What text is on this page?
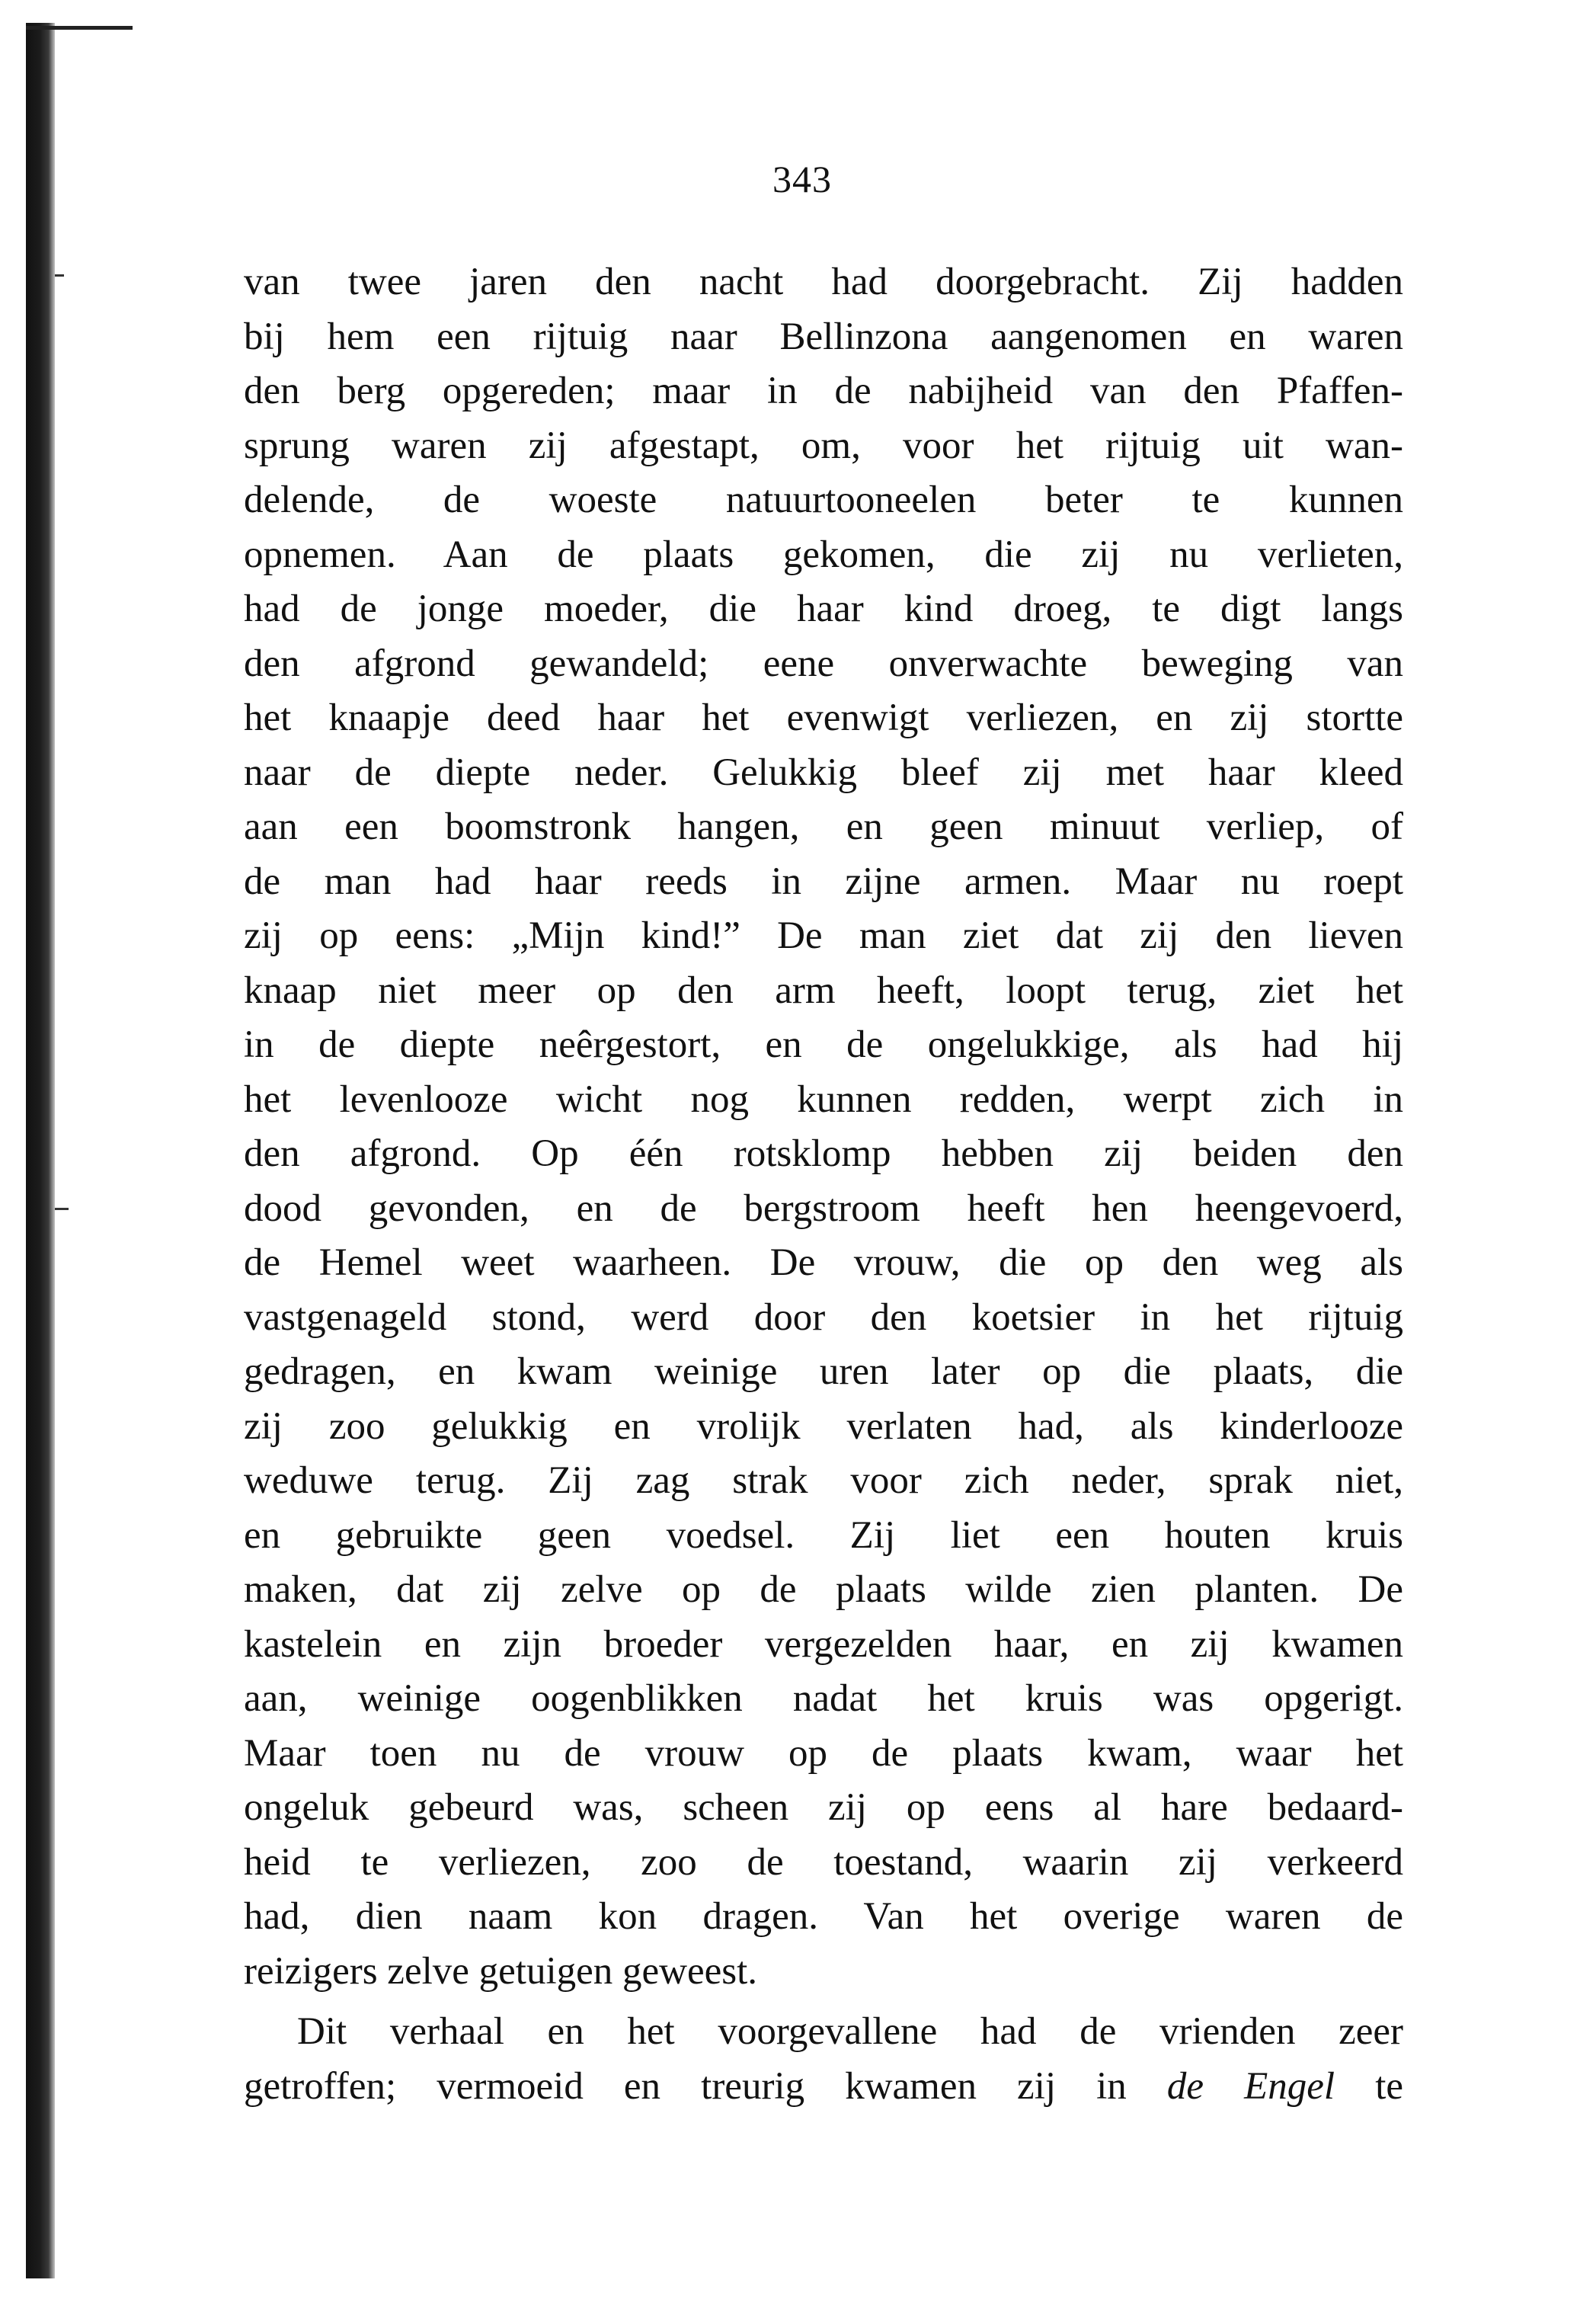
343
van twee jaren den nacht had doorgebracht. Zij hadden
bij hem een rijtuig naar Bellinzona aangenomen en waren
den berg opgereden; maar in de nabijheid van den Pfaffen-
sprung waren zij afgestapt, om, voor het rijtuig uit wan-
delende, de woeste natuurtooneelen beter te kunnen
opnemen. Aan de plaats gekomen, die zij nu verlieten,
had de jonge moeder, die haar kind droeg, te digt langs
den afgrond gewandeld; eene onverwachte beweging van
het knaapje deed haar het evenwigt verliezen, en zij stortte
naar de diepte neder. Gelukkig bleef zij met haar kleed
aan een boomstronk hangen, en geen minuut verliep, of
de man had haar reeds in zijne armen. Maar nu roept
zij op eens: „Mijn kind!” De man ziet dat zij den lieven
knaap niet meer op den arm heeft, loopt terug, ziet het
in de diepte neêrgestort, en de ongelukkige, als had hij
het levenlooze wicht nog kunnen redden, werpt zich in
den afgrond. Op één rotsklomp hebben zij beiden den
dood gevonden, en de bergstroom heeft hen heengevoerd,
de Hemel weet waarheen. De vrouw, die op den weg als
vastgenageld stond, werd door den koetsier in het rijtuig
gedragen, en kwam weinige uren later op die plaats, die
zij zoo gelukkig en vrolijk verlaten had, als kinderlooze
weduwe terug. Zij zag strak voor zich neder, sprak niet,
en gebruikte geen voedsel. Zij liet een houten kruis
maken, dat zij zelve op de plaats wilde zien planten. De
kastelein en zijn broeder vergezelden haar, en zij kwamen
aan, weinige oogenblikken nadat het kruis was opgerigt.
Maar toen nu de vrouw op de plaats kwam, waar het
ongeluk gebeurd was, scheen zij op eens al hare bedaard-
heid te verliezen, zoo de toestand, waarin zij verkeerd
had, dien naam kon dragen. Van het overige waren de
reizigers zelve getuigen geweest.
Dit verhaal en het voorgevallene had de vrienden zeer
getroffen; vermoeid en treurig kwamen zij in de Engel te
